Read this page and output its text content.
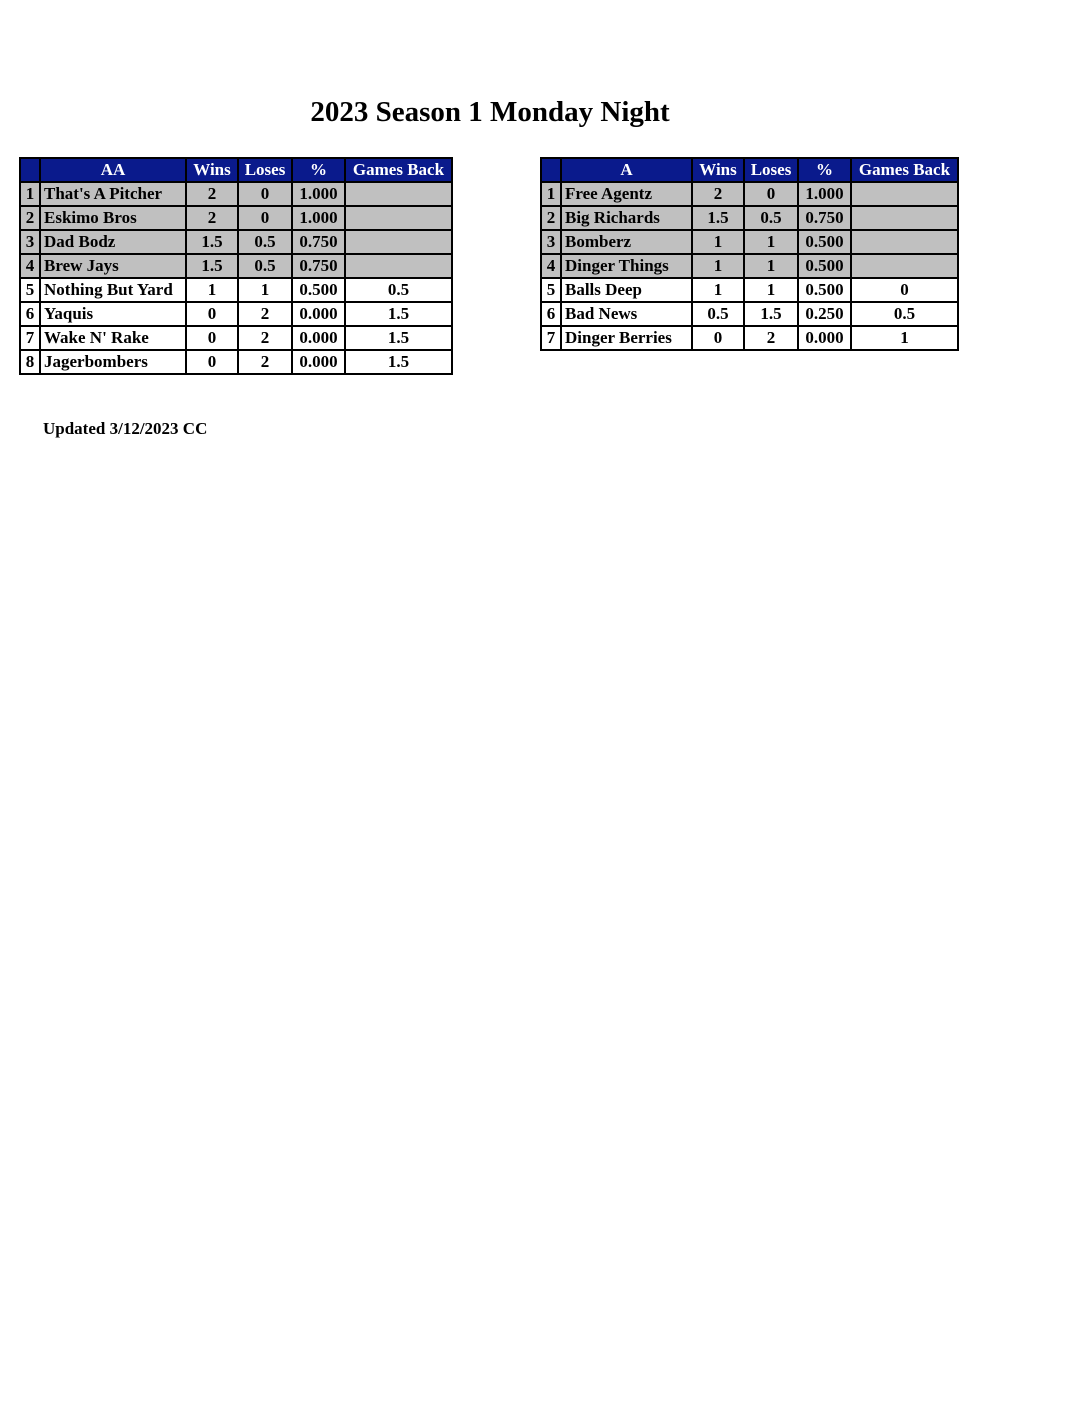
2023 Season 1 Monday Night
	AA	Wins	Loses	%	Games Back
1	That's A Pitcher	2	0	1.000	
2	Eskimo Bros	2	0	1.000	
3	Dad Bodz	1.5	0.5	0.750	
4	Brew Jays	1.5	0.5	0.750	
5	Nothing But Yard	1	1	0.500	0.5
6	Yaquis	0	2	0.000	1.5
7	Wake N' Rake	0	2	0.000	1.5
8	Jagerbombers	0	2	0.000	1.5
	A	Wins	Loses	%	Games Back
1	Free Agentz	2	0	1.000	
2	Big Richards	1.5	0.5	0.750	
3	Bomberz	1	1	0.500	
4	Dinger Things	1	1	0.500	
5	Balls Deep	1	1	0.500	0
6	Bad News	0.5	1.5	0.250	0.5
7	Dinger Berries	0	2	0.000	1
Updated 3/12/2023 CC
